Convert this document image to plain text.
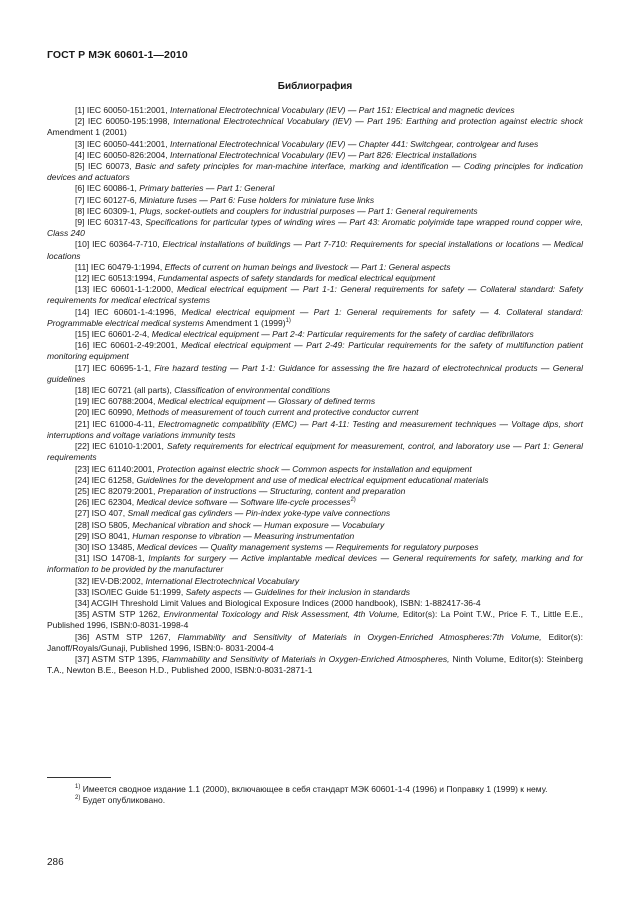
ГОСТ Р МЭК 60601-1—2010
Библиография

[1] IEC 60050-151:2001, International Electrotechnical Vocabulary (IEV) — Part 151: Electrical and magnetic devices

[2] IEC 60050-195:1998, International Electrotechnical Vocabulary (IEV) — Part 195: Earthing and protection against electric shock Amendment 1 (2001)

[3] IEC 60050-441:2001, International Electrotechnical Vocabulary (IEV) — Chapter 441: Switchgear, controlgear and fuses

[4] IEC 60050-826:2004, International Electrotechnical Vocabulary (IEV) — Part 826: Electrical installations

[5] IEC 60073, Basic and safety principles for man-machine interface, marking and identification — Coding principles for indication devices and actuators

[6] IEC 60086-1, Primary batteries — Part 1: General

[7] IEC 60127-6, Miniature fuses — Part 6: Fuse holders for miniature fuse links

[8] IEC 60309-1, Plugs, socket-outlets and couplers for industrial purposes — Part 1: General requirements

[9] IEC 60317-43, Specifications for particular types of winding wires — Part 43: Aromatic polyimide tape wrapped round copper wire, Class 240

[10] IEC 60364-7-710, Electrical installations of buildings — Part 7-710: Requirements for special installations or locations — Medical locations

[11] IEC 60479-1:1994, Effects of current on human beings and livestock — Part 1: General aspects

[12] IEC 60513:1994, Fundamental aspects of safety standards for medical electrical equipment

[13] IEC 60601-1-1:2000, Medical electrical equipment — Part 1-1: General requirements for safety — Collateral standard: Safety requirements for medical electrical systems

[14] IEC 60601-1-4:1996, Medical electrical equipment — Part 1: General requirements for safety — 4. Collateral standard: Programmable electrical medical systems Amendment 1 $(1999)^{1)}$

[15] IEC 60601-2-4, Medical electrical equipment — Part 2-4: Particular requirements for the safety of cardiac defibrillators

[16] IEC 60601-2-49:2001, Medical electrical equipment — Part 2-49: Particular requirements for the safety of multifunction patient monitoring equipment

[17] IEC 60695-1-1, Fire hazard testing — Part 1-1: Guidance for assessing the fire hazard of electrotechnical products — General guidelines

[18] IEC 60721 (all parts), Classification of environmental conditions

[19] IEC 60788:2004, Medical electrical equipment — Glossary of defined terms

[20] IEC 60990, Methods of measurement of touch current and protective conductor current

[21] IEC 61000-4-11, Electromagnetic compatibility (EMC) — Part 4-11: Testing and measurement techniques — Voltage dips, short interruptions and voltage variations immunity tests

[22] IEC 61010-1:2001, Safety requirements for electrical equipment for measurement, control, and laboratory use — Part 1: General requirements

[23] IEC 61140:2001, Protection against electric shock — Common aspects for installation and equipment

[24] IEC 61258, Guidelines for the development and use of medical electrical equipment educational materials

[25] IEC 82079:2001, Preparation of instructions — Structuring, content and preparation

[26] IEC 62304, Medical device software — Software life-cycle processes$^{2)}$

[27] ISO 407, Small medical gas cylinders — Pin-index yoke-type valve connections

[28] ISO 5805, Mechanical vibration and shock — Human exposure — Vocabulary

[29] ISO 8041, Human response to vibration — Measuring instrumentation

[30] ISO 13485, Medical devices — Quality management systems — Requirements for regulatory purposes

[31] ISO 14708-1, Implants for surgery — Active implantable medical devices — General requirements for safety, marking and for information to be provided by the manufacturer

[32] IEV-DB:2002, International Electrotechnical Vocabulary

[33] ISO/IEC Guide 51:1999, Safety aspects — Guidelines for their inclusion in standards

[34] ACGIH Threshold Limit Values and Biological Exposure Indices (2000 handbook), ISBN: 1-882417-36-4

[35] ASTM STP 1262, Environmental Toxicology and Risk Assessment, 4th Volume, Editor(s): La Point T.W., Price F. T., Little E.E., Published 1996, ISBN:0-8031-1998-4

[36] ASTM STP 1267, Flammability and Sensitivity of Materials in Oxygen-Enriched Atmospheres:7th Volume, Editor(s): Janoff/Royals/Gunaji, Published 1996, ISBN:0- 8031-2004-4

[37] ASTM STP 1395, Flammability and Sensitivity of Materials in Oxygen-Enriched Atmospheres, Ninth Volume, Editor(s): Steinberg T.A., Newton B.E., Beeson H.D., Published 2000, ISBN:0-8031-2871-1

$^{1)}$ Имеется сводное издание 1.1 (2000), включающее в себя стандарт МЭК 60601-1-4 (1996) и Поправку 1 (1999) к нему.

$^{2)}$ Будет опубликовано.

286
